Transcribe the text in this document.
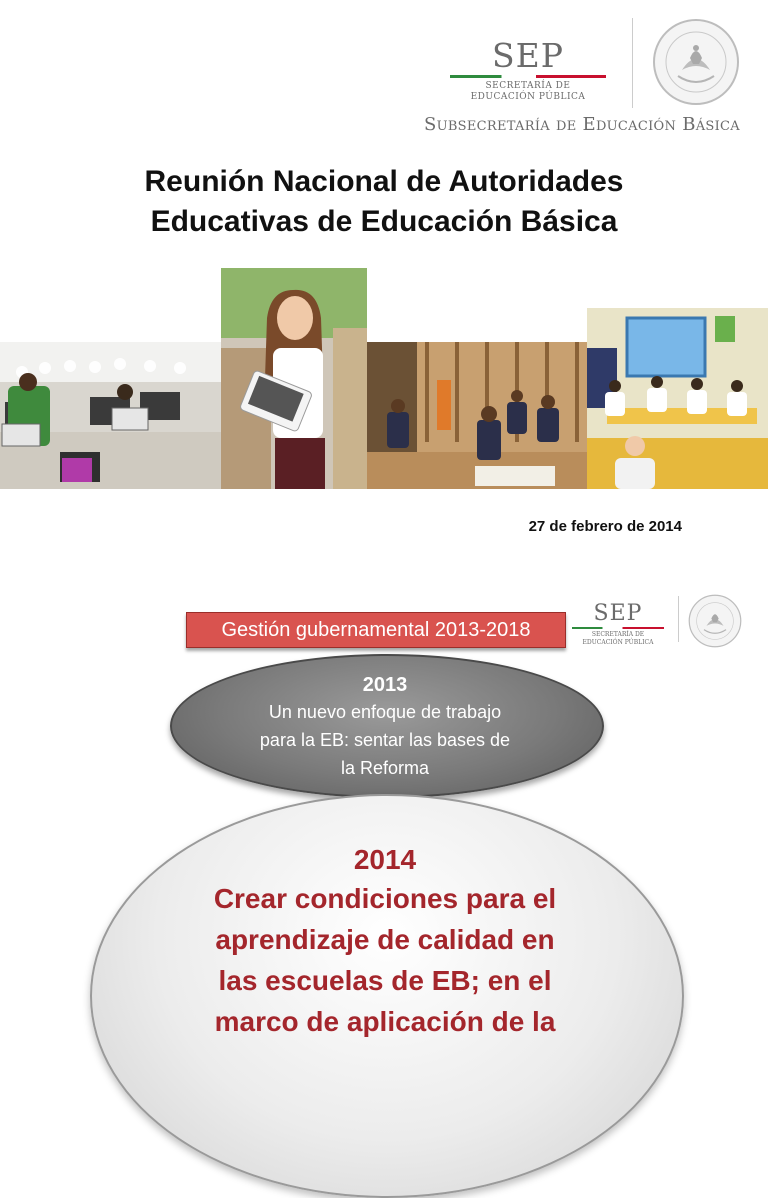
SEP
SECRETARÍA DE
EDUCACIÓN PÚBLICA
Subsecretaría de Educación Básica
Reunión Nacional de Autoridades
Educativas de Educación Básica
27 de febrero de 2014
Gestión gubernamental 2013-2018
SEP
SECRETARÍA DE
EDUCACIÓN PÚBLICA
2013
Un nuevo enfoque de trabajo
para la EB: sentar las bases de
la Reforma
2014
Crear condiciones para el
aprendizaje de calidad en
las escuelas de EB; en el
marco de aplicación de la
